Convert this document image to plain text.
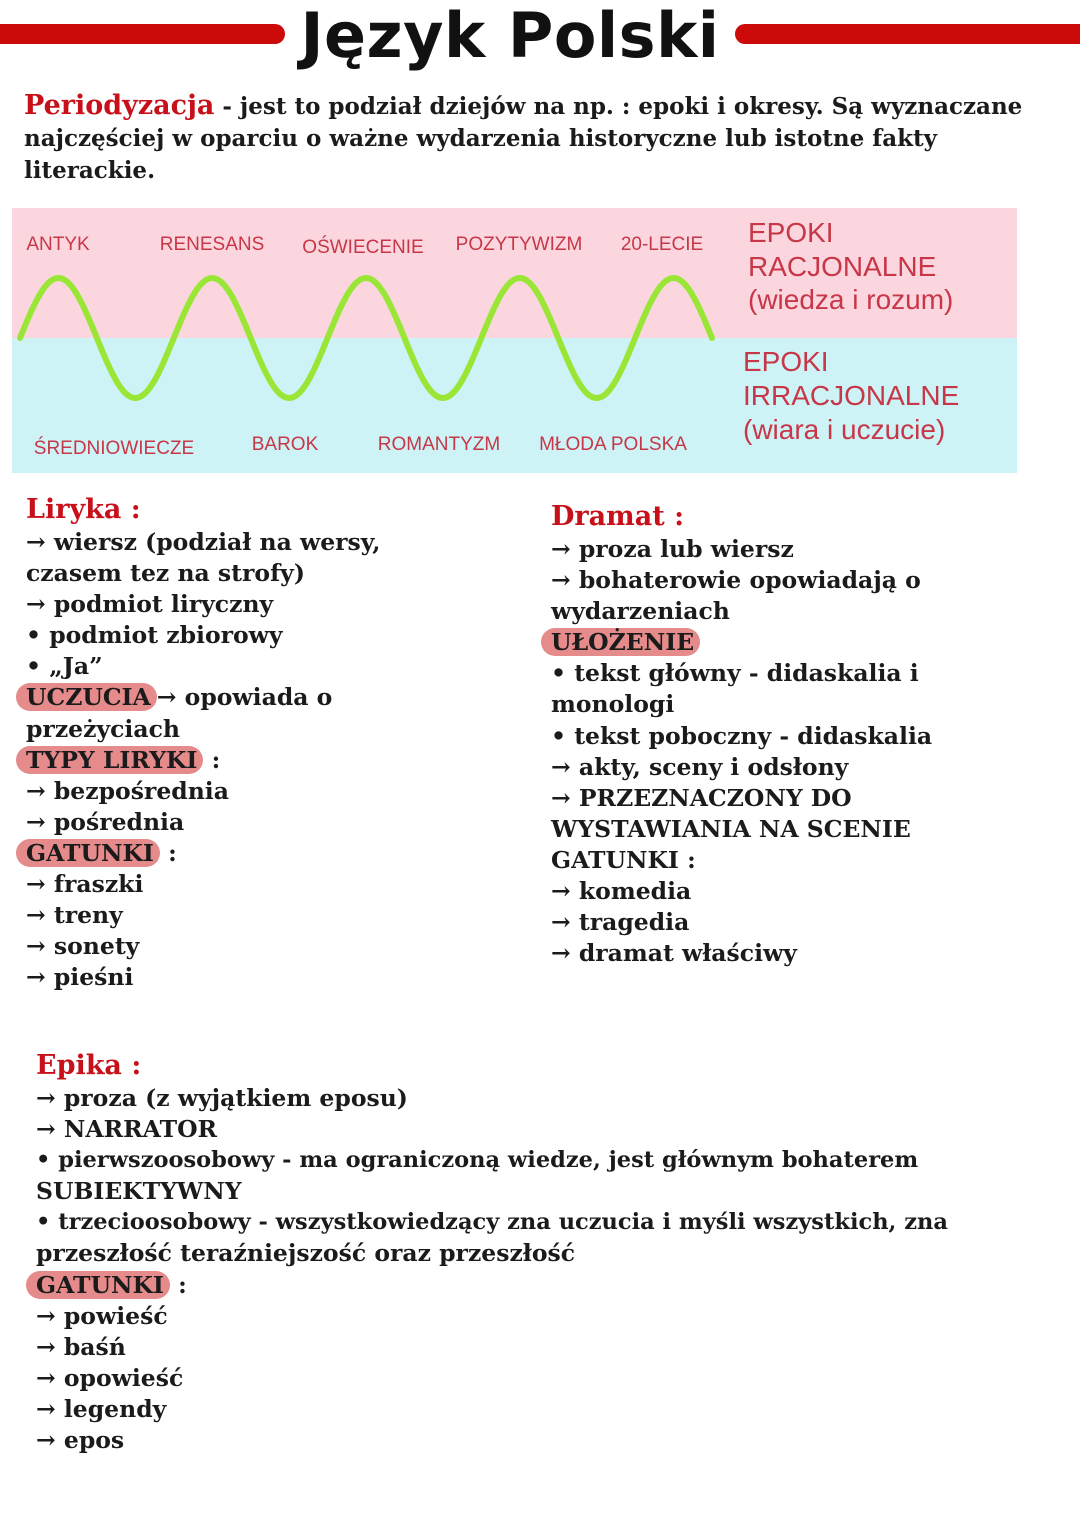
Język Polski
Periodyzacja - jest to podział dziejów na np. : epoki i okresy. Są wyznaczane najczęściej w oparciu o ważne wydarzenia historyczne lub istotne fakty literackie.
ANTYK	RENESANS OŚWIECENIE POZYTYWIZM 20-LECIE
ŚREDNIOWIECZE	BAROK	ROMANTYZM MŁODA POLSKA
EPOKI
RACJONALNE
(wiedza i rozum)
EPOKI
IRRACJONALNE
(wiara i uczucie)
Liryka :
→ wiersz (podział na wersy,
czasem tez na strofy)
→ podmiot liryczny
• podmiot zbiorowy
• „Ja”
UCZUCIA → opowiada o
przeżyciach
TYPY LIRYKI :
→ bezpośrednia
→ pośrednia
GATUNKI :
→ fraszki
→ treny
→ sonety
→ pieśni
Dramat :
→ proza lub wiersz
→ bohaterowie opowiadają o
wydarzeniach
UŁOŻENIE
• tekst główny - didaskalia i
monologi
• tekst poboczny - didaskalia
→ akty, sceny i odsłony
→ PRZEZNACZONY DO
WYSTAWIANIA NA SCENIE
GATUNKI :
→ komedia
→ tragedia
→ dramat właściwy
Epika :
→ proza (z wyjątkiem eposu)
→ NARRATOR
• pierwszoosobowy - ma ograniczoną wiedze, jest głównym bohaterem
SUBIEKTYWNY
• trzecioosobowy - wszystkowiedzący zna uczucia i myśli wszystkich, zna
przeszłość teraźniejszość oraz przeszłość
GATUNKI :
→ powieść
→ baśń
→ opowieść
→ legendy
→ epos
